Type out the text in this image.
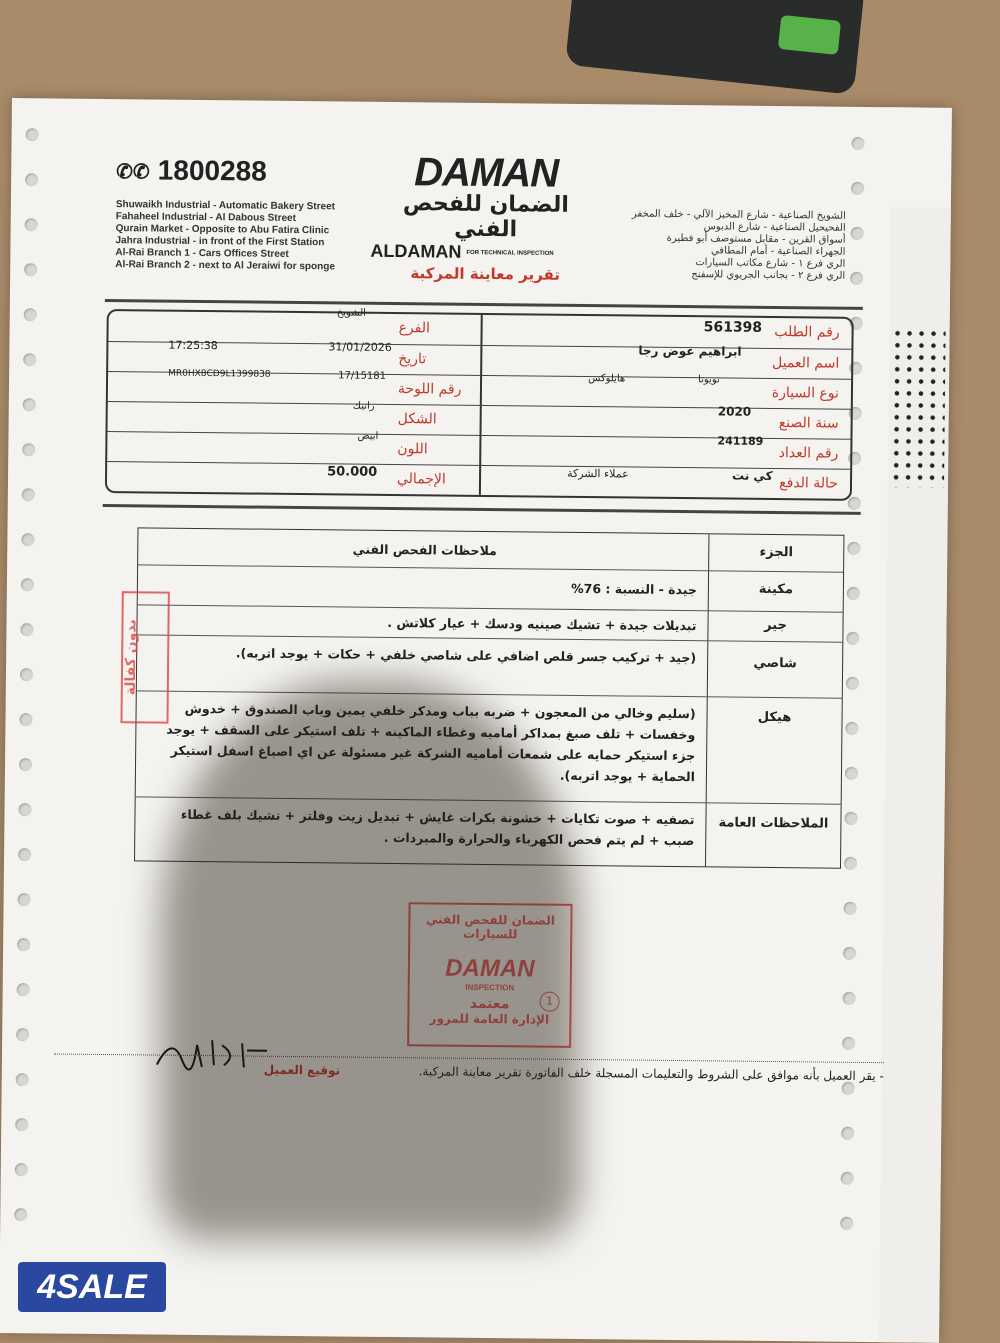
✆✆ 1800288
Shuwaikh Industrial - Automatic Bakery Street
Fahaheel Industrial - Al Dabous Street
Qurain Market - Opposite to Abu Fatira Clinic
Jahra Industrial - in front of the First Station
Al-Rai Branch 1 - Cars Offices Street
Al-Rai Branch 2 - next to Al Jeraiwi for sponge
DAMAN
الضمان للفحص الفني
ALDAMAN FOR TECHNICAL INSPECTION
تقرير معاينة المركبة
الشويخ الصناعية - شارع المخبز الآلي - خلف المخفر
الفحيحيل الصناعية - شارع الدبوس
أسواق القرين - مقابل مستوصف أبو فطيرة
الجهراء الصناعية - أمام المطافي
الري فرع ١ - شارع مكاتب السيارات
الري فرع ٢ - بجانب الجريوي للإسفنج
رقم الطلب
561398
الفرع
الشويخ
اسم العميل
ابراهيم عوض رجا
تاريخ
17:25:38	31/01/2026
نوع السيارة
تويوتا
هايلوكس
رقم اللوحة
MR0HX8CD9L1399838	17/15181
سنة الصنع
2020
الشكل
راتيك
رقم العداد
241189
اللون
ابيض
حالة الدفع
كي نت
عملاء الشركة
الإجمالي
50.000
الجزء
ملاحظات الفحص الفني
مكينة
جيدة - النسبة : 76%
جير
تبديلات جيدة + تشيك صينيه ودسك + عيار كلاتش .
شاصي
(جيد + تركيب جسر قلص اضافي على شاصي خلفي + حكات + يوجد اتربه).
هيكل
(سليم وخالي من المعجون + ضربه بباب ومدكر خلفي يمين وباب الصندوق + خدوش وخفسات + تلف صبغ بمداكر أماميه وغطاء الماكينه + تلف استيكر على السقف + يوجد جزء استيكر حمايه على شمعات أماميه الشركة غير مسئولة عن اي اصباغ اسفل استيكر الحماية + يوجد اتربه).
الملاحظات العامة
تصفيه + صوت تكايات + خشونة بكرات غايش + تبديل زيت وفلتر + تشيك بلف غطاء صبب + لم يتم فحص الكهرباء والحرارة والمبردات .
بدون كفالة
الضمان للفحص الفني للسيارات
DAMAN
INSPECTION
معتمد
الإدارة العامة للمرور
1
- يقر العميل بأنه موافق على الشروط والتعليمات المسجلة خلف الفاتورة تقرير معاينة المركبة.
توقيع العميل
4SALE
